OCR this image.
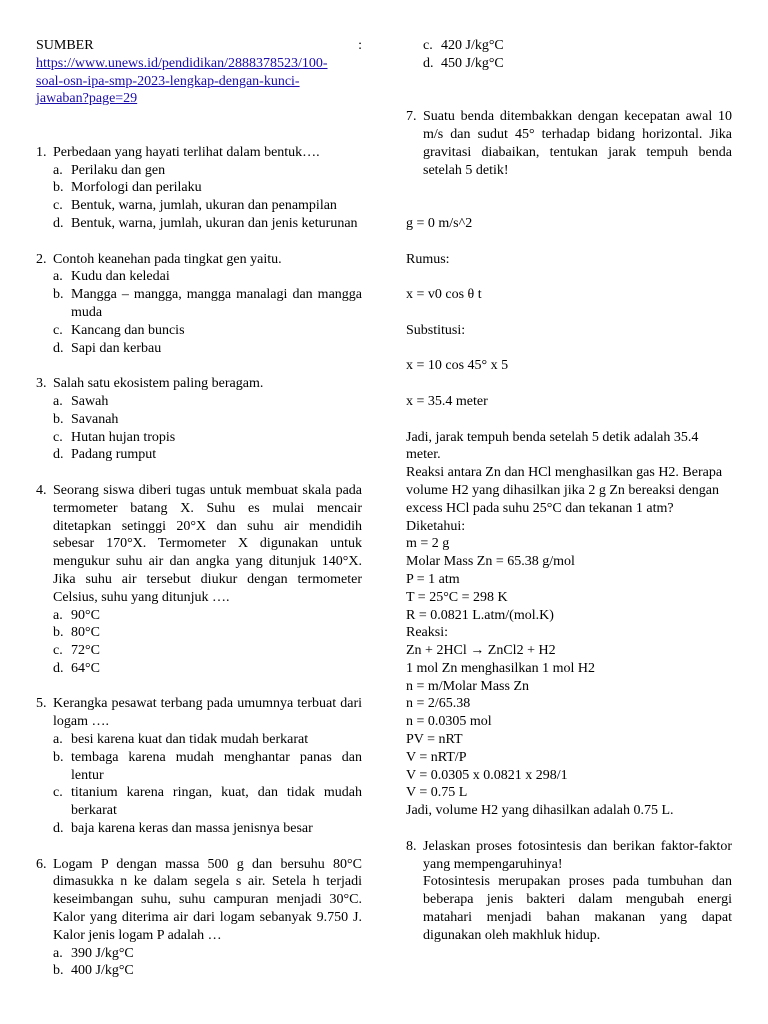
SUMBER	:
https://www.unews.id/pendidikan/2888378523/100-
soal-osn-ipa-smp-2023-lengkap-dengan-kunci-
jawaban?page=29
1. Perbedaan yang hayati terlihat dalam bentuk….

a. Perilaku dan gen
b. Morfologi dan perilaku
c. Bentuk, warna, jumlah, ukuran dan penampilan
d. Bentuk, warna, jumlah, ukuran dan jenis keturunan
2. Contoh keanehan pada tingkat gen yaitu.

a. Kudu dan keledai
b. Mangga – mangga, mangga manalagi dan mangga muda
c. Kancang dan buncis
d. Sapi dan kerbau
3. Salah satu ekosistem paling beragam.

a. Sawah
b. Savanah
c. Hutan hujan tropis
d. Padang rumput
4. Seorang siswa diberi tugas untuk membuat skala pada termometer batang X. Suhu es mulai mencair ditetapkan setinggi 20°X dan suhu air mendidih sebesar 170°X. Termometer X digunakan untuk mengukur suhu air dan angka yang ditunjuk 140°X. Jika suhu air tersebut diukur dengan termometer Celsius, suhu yang ditunjuk ….

a. 90°C
b. 80°C
c. 72°C
d. 64°C
5. Kerangka pesawat terbang pada umumnya terbuat dari logam ….

a. besi karena kuat dan tidak mudah berkarat
b. tembaga karena mudah menghantar panas dan lentur
c. titanium karena ringan, kuat, dan tidak mudah berkarat
d. baja karena keras dan massa jenisnya besar
6. Logam P dengan massa 500 g dan bersuhu 80°C dimasukka n ke dalam segela s air. Setela h terjadi keseimbangan suhu, suhu campuran menjadi 30°C. Kalor yang diterima air dari logam sebanyak 9.750 J. Kalor jenis logam P adalah …

a. 390 J/kg°C
b. 400 J/kg°C
c. 420 J/kg°C
d. 450 J/kg°C
7. Suatu benda ditembakkan dengan kecepatan awal 10 m/s dan sudut 45° terhadap bidang horizontal. Jika gravitasi diabaikan, tentukan jarak tempuh benda setelah 5 detik!

g = 0 m/s^2

Rumus:

x = v0 cos θ t

Substitusi:

x = 10 cos 45° x 5

x = 35.4 meter

Jadi, jarak tempuh benda setelah 5 detik adalah 35.4 meter.

Reaksi antara Zn dan HCl menghasilkan gas H2. Berapa volume H2 yang dihasilkan jika 2 g Zn bereaksi dengan excess HCl pada suhu 25°C dan tekanan 1 atm?

Diketahui:

m = 2 g

Molar Mass Zn = 65.38 g/mol

P = 1 atm

T = 25°C = 298 K

R = 0.0821 L.atm/(mol.K)

Reaksi:

Zn + 2HCl → ZnCl2 + H2

1 mol Zn menghasilkan 1 mol H2

n = m/Molar Mass Zn

n = 2/65.38

n = 0.0305 mol

PV = nRT

V = nRT/P

V = 0.0305 x 0.0821 x 298/1

V = 0.75 L

Jadi, volume H2 yang dihasilkan adalah 0.75 L.

8. Jelaskan proses fotosintesis dan berikan faktor-faktor yang mempengaruhinya!

Fotosintesis merupakan proses pada tumbuhan dan beberapa jenis bakteri dalam mengubah energi matahari menjadi bahan makanan yang dapat digunakan oleh makhluk hidup.
